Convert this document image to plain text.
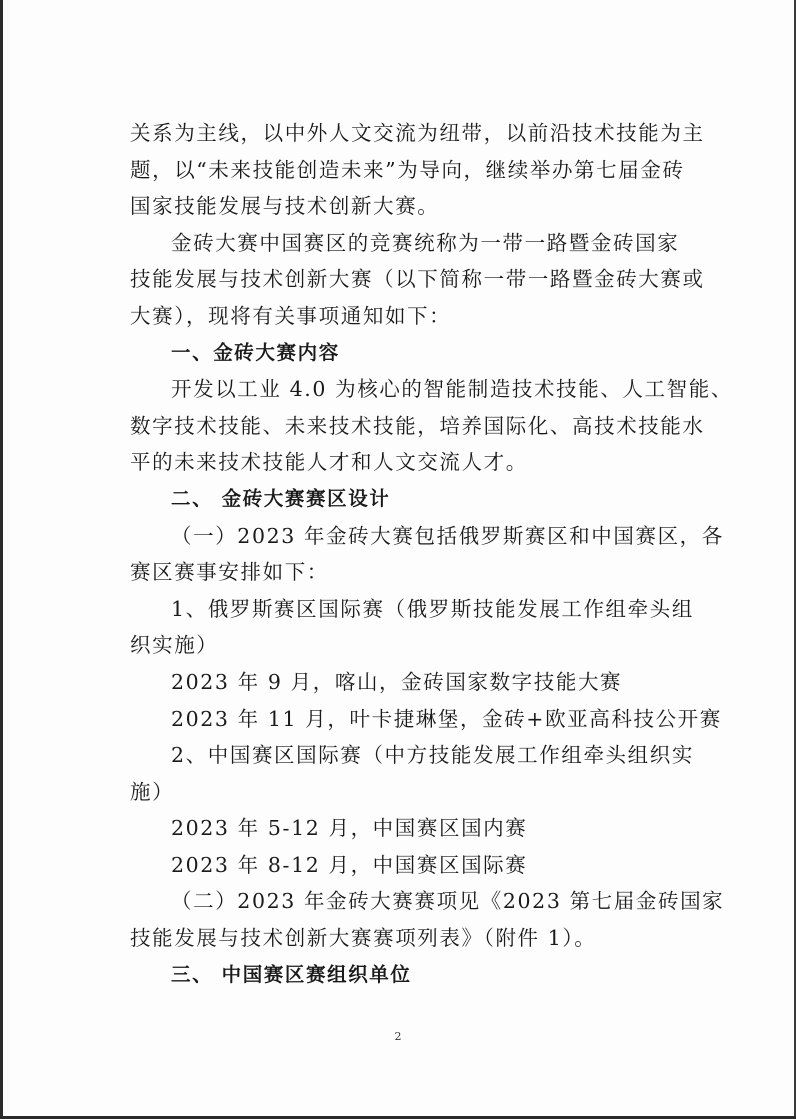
关系为主线，以中外人文交流为纽带，以前沿技术技能为主
题，以“未来技能创造未来”为导向，继续举办第七届金砖
国家技能发展与技术创新大赛。
金砖大赛中国赛区的竞赛统称为一带一路暨金砖国家
技能发展与技术创新大赛（以下简称一带一路暨金砖大赛或
大赛），现将有关事项通知如下：
一、金砖大赛内容
开发以工业 4.0 为核心的智能制造技术技能、人工智能、
数字技术技能、未来技术技能，培养国际化、高技术技能水
平的未来技术技能人才和人文交流人才。
二、 金砖大赛赛区设计
（一）2023 年金砖大赛包括俄罗斯赛区和中国赛区，各
赛区赛事安排如下：
1、俄罗斯赛区国际赛（俄罗斯技能发展工作组牵头组
织实施）
2023 年 9 月，喀山，金砖国家数字技能大赛
2023 年 11 月，叶卡捷琳堡，金砖+欧亚高科技公开赛
2、中国赛区国际赛（中方技能发展工作组牵头组织实
施）
2023 年 5-12 月，中国赛区国内赛
2023 年 8-12 月，中国赛区国际赛
（二）2023 年金砖大赛赛项见《2023 第七届金砖国家
技能发展与技术创新大赛赛项列表》（附件 1）。
三、 中国赛区赛组织单位
2
